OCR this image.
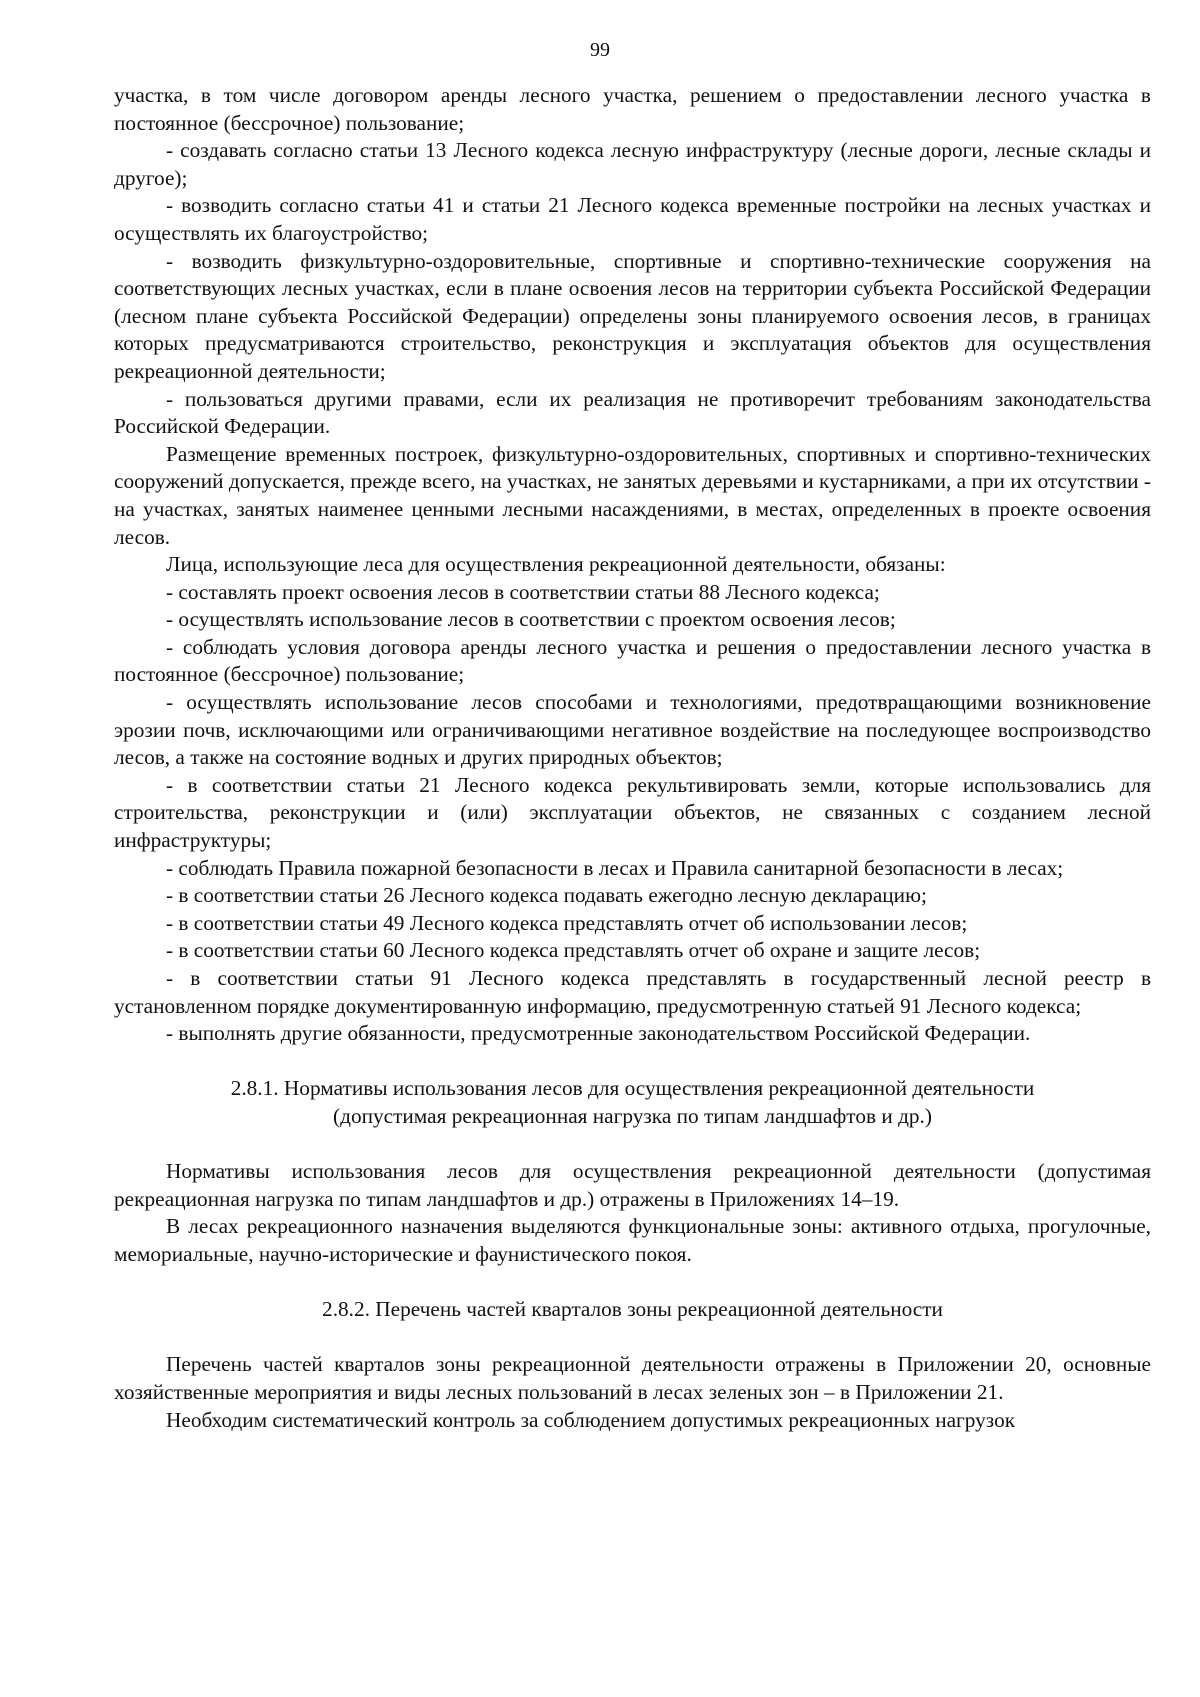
99

участка, в том числе договором аренды лесного участка, решением о предоставлении лесного участка в постоянное (бессрочное) пользование;

- создавать согласно статьи 13 Лесного кодекса лесную инфраструктуру (лесные дороги, лесные склады и другое);

- возводить согласно статьи 41 и статьи 21 Лесного кодекса временные постройки на лесных участках и осуществлять их благоустройство;

- возводить физкультурно-оздоровительные, спортивные и спортивно-технические сооружения на соответствующих лесных участках, если в плане освоения лесов на территории субъекта Российской Федерации (лесном плане субъекта Российской Федерации) определены зоны планируемого освоения лесов, в границах которых предусматриваются строительство, реконструкция и эксплуатация объектов для осуществления рекреационной деятельности;

- пользоваться другими правами, если их реализация не противоречит требованиям законодательства Российской Федерации.

Размещение временных построек, физкультурно-оздоровительных, спортивных и спортивно-технических сооружений допускается, прежде всего, на участках, не занятых деревьями и кустарниками, а при их отсутствии - на участках, занятых наименее ценными лесными насаждениями, в местах, определенных в проекте освоения лесов.

Лица, использующие леса для осуществления рекреационной деятельности, обязаны:

- составлять проект освоения лесов в соответствии статьи 88 Лесного кодекса;

- осуществлять использование лесов в соответствии с проектом освоения лесов;

- соблюдать условия договора аренды лесного участка и решения о предоставлении лесного участка в постоянное (бессрочное) пользование;

- осуществлять использование лесов способами и технологиями, предотвращающими возникновение эрозии почв, исключающими или ограничивающими негативное воздействие на последующее воспроизводство лесов, а также на состояние водных и других природных объектов;

- в соответствии статьи 21 Лесного кодекса рекультивировать земли, которые использовались для строительства, реконструкции и (или) эксплуатации объектов, не связанных с созданием лесной инфраструктуры;

- соблюдать Правила пожарной безопасности в лесах и Правила санитарной безопасности в лесах;

- в соответствии статьи 26 Лесного кодекса подавать ежегодно лесную декларацию;

- в соответствии статьи 49 Лесного кодекса представлять отчет об использовании лесов;

- в соответствии статьи 60 Лесного кодекса представлять отчет об охране и защите лесов;

- в соответствии статьи 91 Лесного кодекса представлять в государственный лесной реестр в установленном порядке документированную информацию, предусмотренную статьей 91 Лесного кодекса;

- выполнять другие обязанности, предусмотренные законодательством Российской Федерации.

2.8.1. Нормативы использования лесов для осуществления рекреационной деятельности
(допустимая рекреационная нагрузка по типам ландшафтов и др.)

Нормативы использования лесов для осуществления рекреационной деятельности (допустимая рекреационная нагрузка по типам ландшафтов и др.) отражены в Приложениях 14–19.

В лесах рекреационного назначения выделяются функциональные зоны: активного отдыха, прогулочные, мемориальные, научно-исторические и фаунистического покоя.

2.8.2. Перечень частей кварталов зоны рекреационной деятельности

Перечень частей кварталов зоны рекреационной деятельности отражены в Приложении 20, основные хозяйственные мероприятия и виды лесных пользований в лесах зеленых зон – в Приложении 21.

Необходим систематический контроль за соблюдением допустимых рекреационных нагрузок
